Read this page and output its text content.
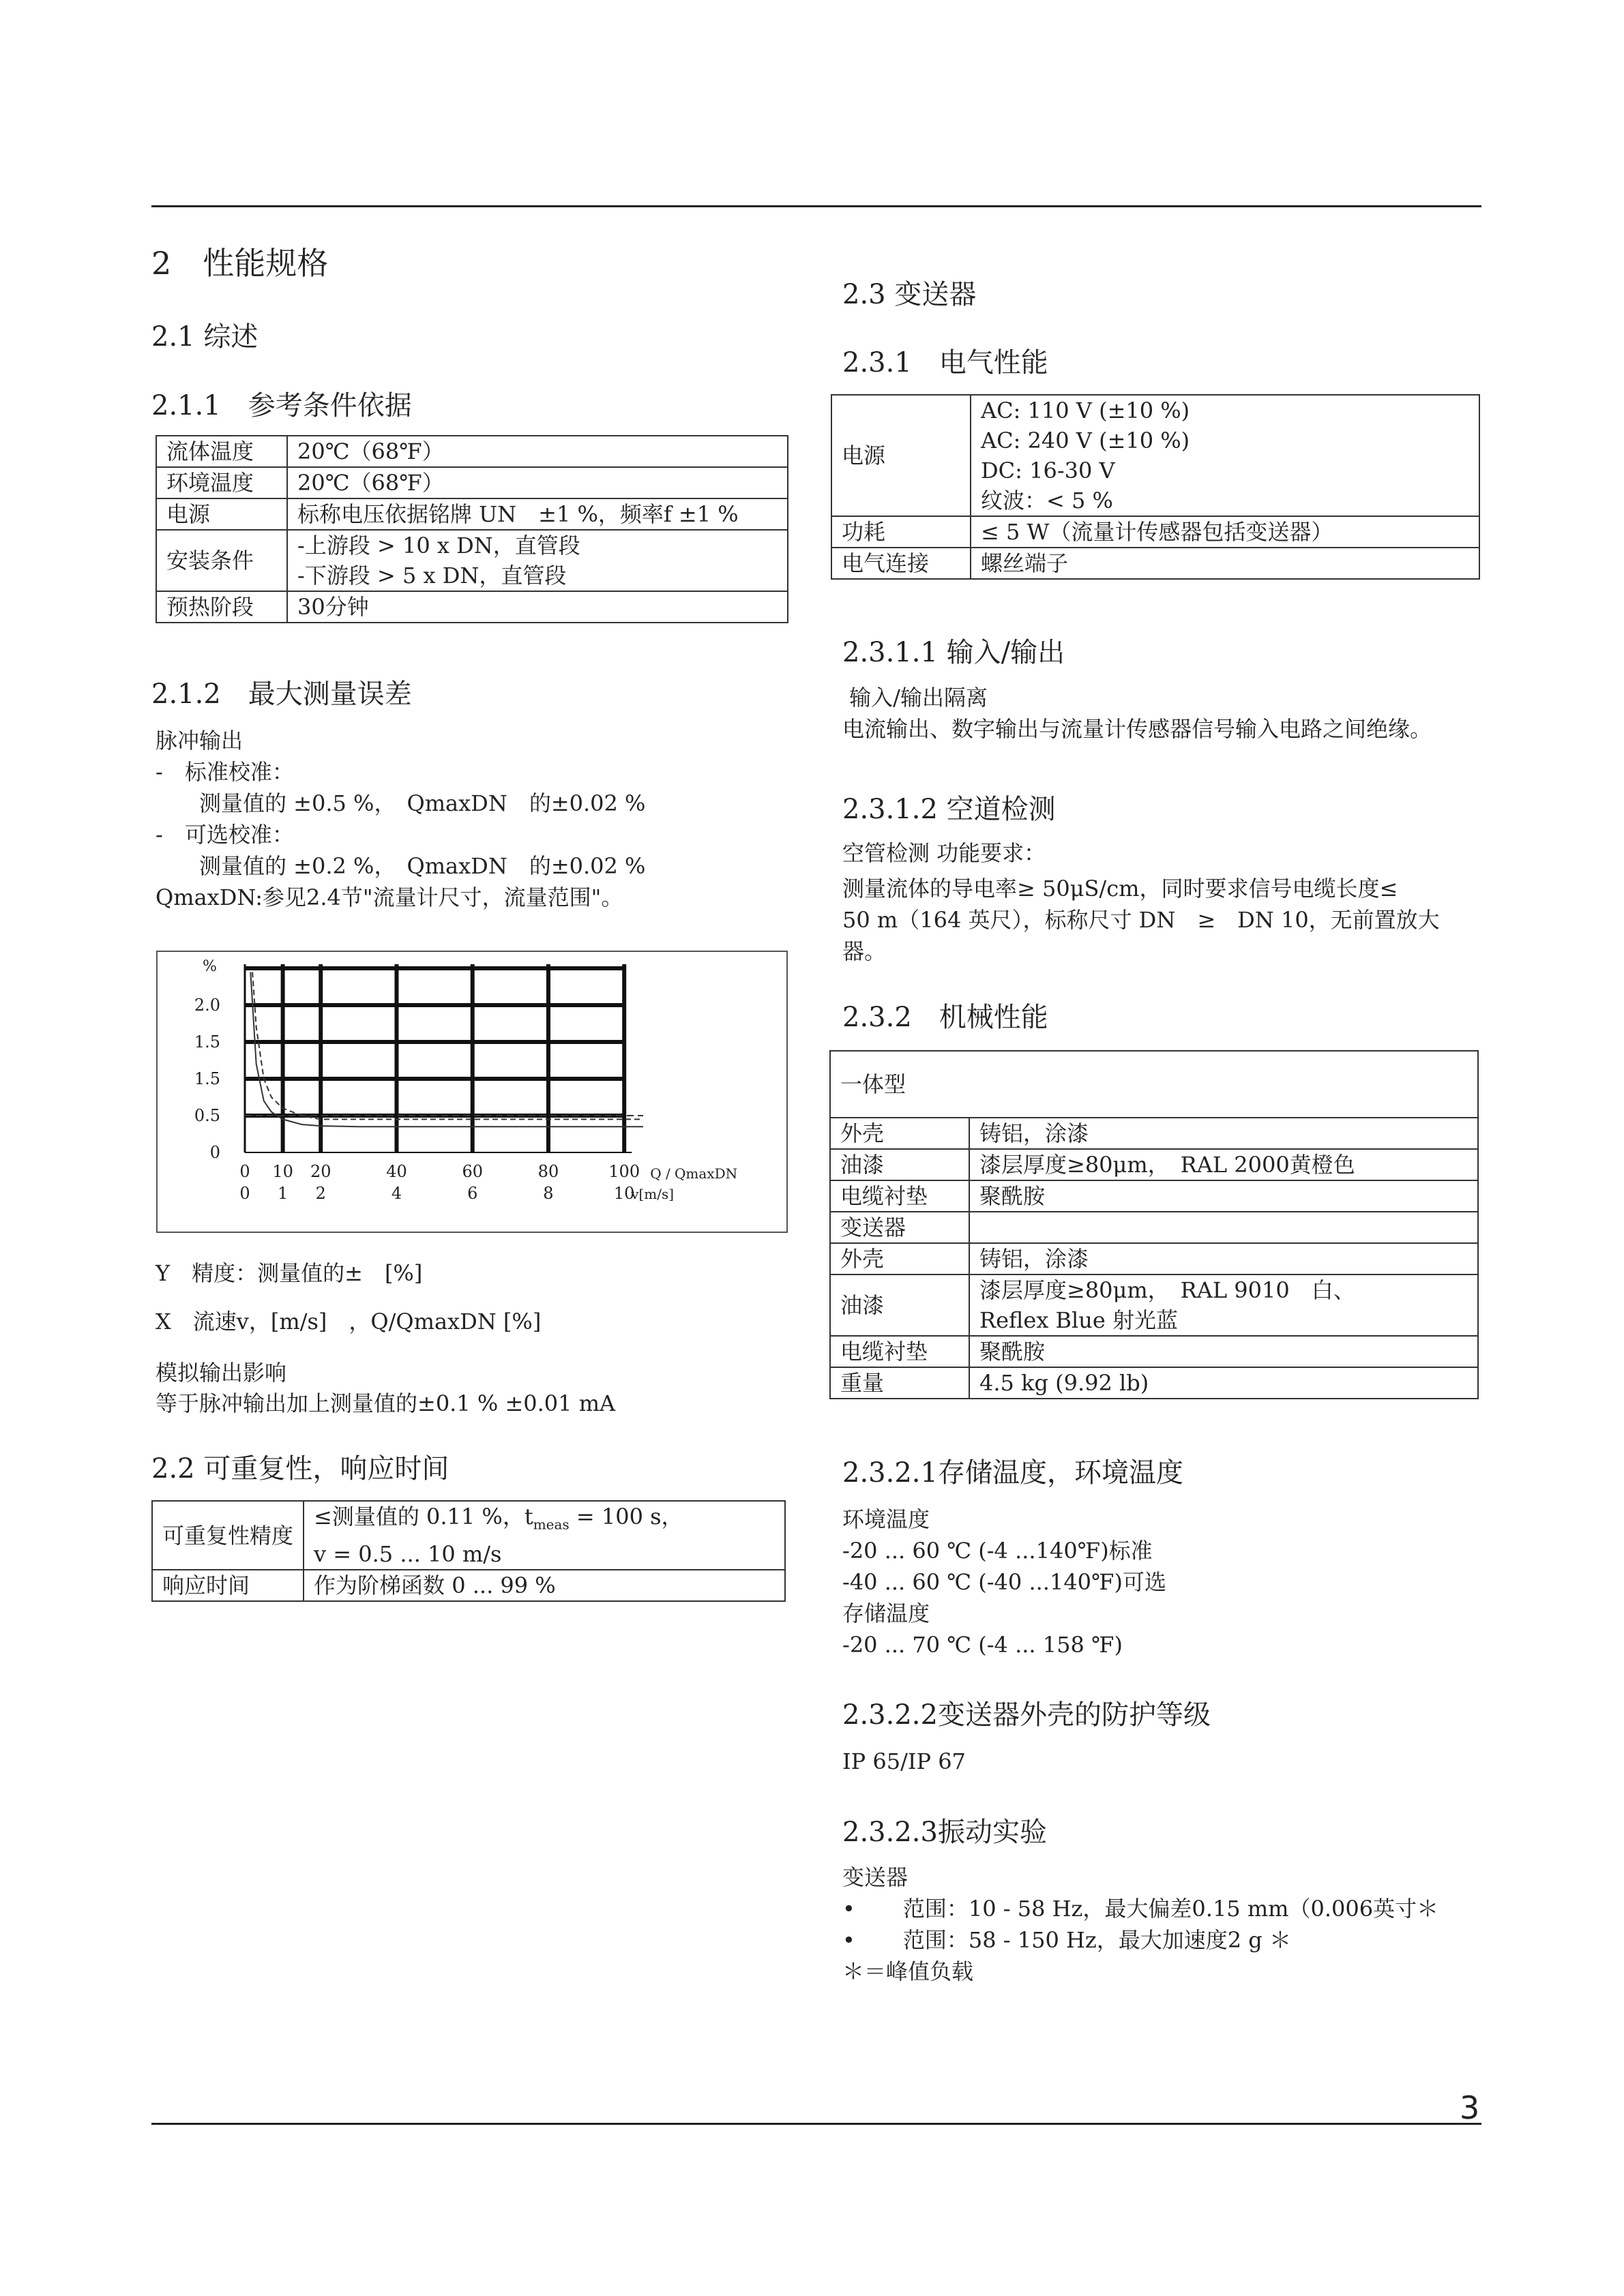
3
2　性能规格
2.1 综述
2.1.1　参考条件依据
流体温度	20℃（68℉）
环境温度	20℃（68℉）
电源	标称电压依据铭牌 UN　±1 %，频率f ±1 %
安装条件	-上游段 > 10 x DN，直管段
-下游段 > 5 x DN，直管段
预热阶段	30分钟
2.1.2　最大测量误差
脉冲输出
-　标准校准：
　　测量值的 ±0.5 %，　QmaxDN　的±0.02 %
-　可选校准：
　　测量值的 ±0.2 %，　QmaxDN　的±0.02 %
QmaxDN:参见2.4节"流量计尺寸，流量范围"。
%
2.0
1.5
1.5
0.5
0
0 10 20	40	60	80	100
0 1 2	4	6	8	10
Q / QmaxDN
v[m/s]
Y　精度：测量值的±　[%]
X　流速v，[m/s]　，Q/QmaxDN [%]
模拟输出影响
等于脉冲输出加上测量值的±0.1 % ±0.01 mA
2.2 可重复性，响应时间
可重复性精度	≤测量值的 0.11 %，$t_{meas} = 100$ s，
v = 0.5 ... 10 m/s
响应时间	作为阶梯函数 0 ... 99 %
2.3 变送器
2.3.1　电气性能
电源	AC: 110 V (±10 %)
AC: 240 V (±10 %)
DC: 16-30 V
纹波：< 5 %
功耗	≤ 5 W（流量计传感器包括变送器）
电气连接	螺丝端子
2.3.1.1 输入/输出
输入/输出隔离
电流输出、数字输出与流量计传感器信号输入电路之间绝缘。
2.3.1.2 空道检测
空管检测 功能要求：
测量流体的导电率≥ 50μS/cm，同时要求信号电缆长度≤
50 m（164 英尺），标称尺寸 DN　≥　DN 10，无前置放大
器。
2.3.2　机械性能
一体型	
外壳	铸铝，涂漆
油漆	漆层厚度≥80μm，　RAL 2000黄橙色
电缆衬垫	聚酰胺
变送器	
外壳	铸铝，涂漆
油漆	漆层厚度≥80μm，　RAL 9010　白、
Reflex Blue 射光蓝
电缆衬垫	聚酰胺
重量	4.5 kg (9.92 lb)
2.3.2.1存储温度，环境温度
环境温度
-20 ... 60 ℃ (-4 ...140℉)标准
-40 ... 60 ℃ (-40 ...140℉)可选
存储温度
-20 ... 70 ℃ (-4 ... 158 ℉)
2.3.2.2变送器外壳的防护等级
IP 65/IP 67
2.3.2.3振动实验
变送器
• 范围：10 - 58 Hz，最大偏差0.15 mm（0.006英寸＊
• 范围：58 - 150 Hz，最大加速度2 g ＊
＊＝峰值负载
